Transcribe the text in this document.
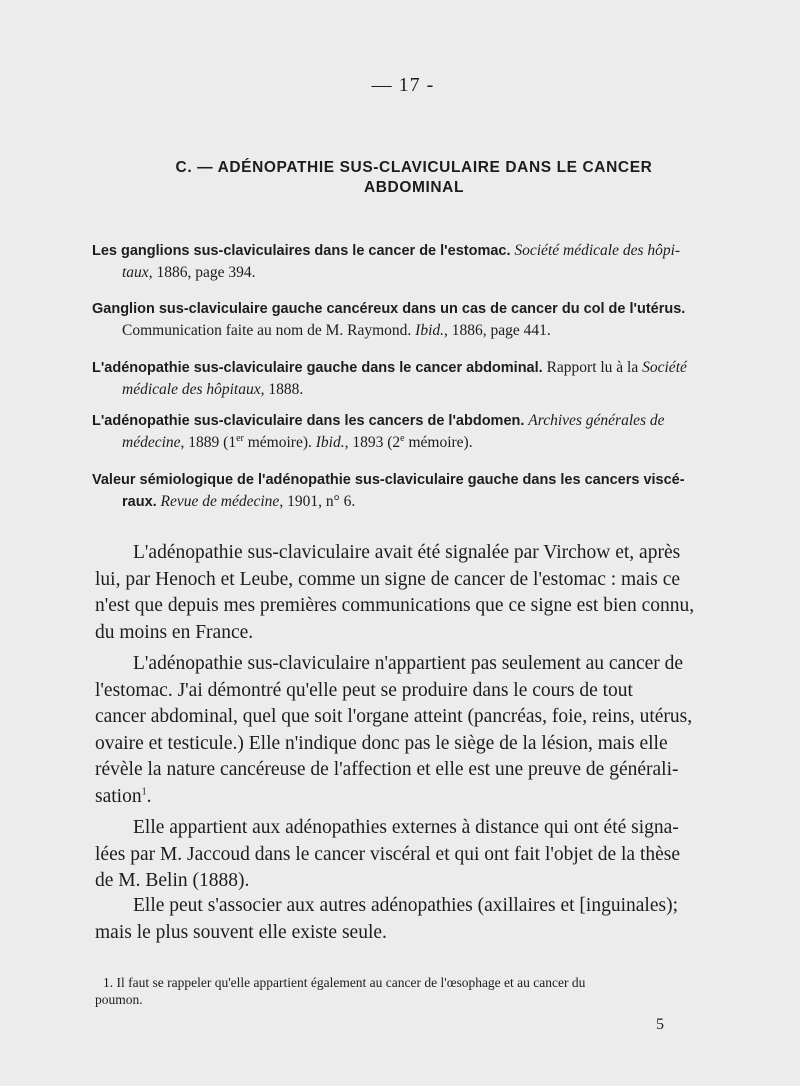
— 17 -
C. — ADÉNOPATHIE SUS-CLAVICULAIRE DANS LE CANCER
ABDOMINAL
Les ganglions sus-claviculaires dans le cancer de l'estomac. Société médicale des hôpi-
taux, 1886, page 394.
Ganglion sus-claviculaire gauche cancéreux dans un cas de cancer du col de l'utérus.
Communication faite au nom de M. Raymond. Ibid., 1886, page 441.
L'adénopathie sus-claviculaire gauche dans le cancer abdominal. Rapport lu à la Société
médicale des hôpitaux, 1888.
L'adénopathie sus-claviculaire dans les cancers de l'abdomen. Archives générales de
médecine, 1889 (1er mémoire). Ibid., 1893 (2e mémoire).
Valeur sémiologique de l'adénopathie sus-claviculaire gauche dans les cancers viscé-
raux. Revue de médecine, 1901, n° 6.
L'adénopathie sus-claviculaire avait été signalée par Virchow et, après
lui, par Henoch et Leube, comme un signe de cancer de l'estomac : mais ce
n'est que depuis mes premières communications que ce signe est bien connu,
du moins en France.
L'adénopathie sus-claviculaire n'appartient pas seulement au cancer de
l'estomac. J'ai démontré qu'elle peut se produire dans le cours de tout
cancer abdominal, quel que soit l'organe atteint (pancréas, foie, reins, utérus,
ovaire et testicule.) Elle n'indique donc pas le siège de la lésion, mais elle
révèle la nature cancéreuse de l'affection et elle est une preuve de générali-
sation$^1$.
Elle appartient aux adénopathies externes à distance qui ont été signa-
lées par M. Jaccoud dans le cancer viscéral et qui ont fait l'objet de la thèse
de M. Belin (1888).
Elle peut s'associer aux autres adénopathies (axillaires et [inguinales);
mais le plus souvent elle existe seule.
1. Il faut se rappeler qu'elle appartient également au cancer de l'œsophage et au cancer du
poumon.
5
